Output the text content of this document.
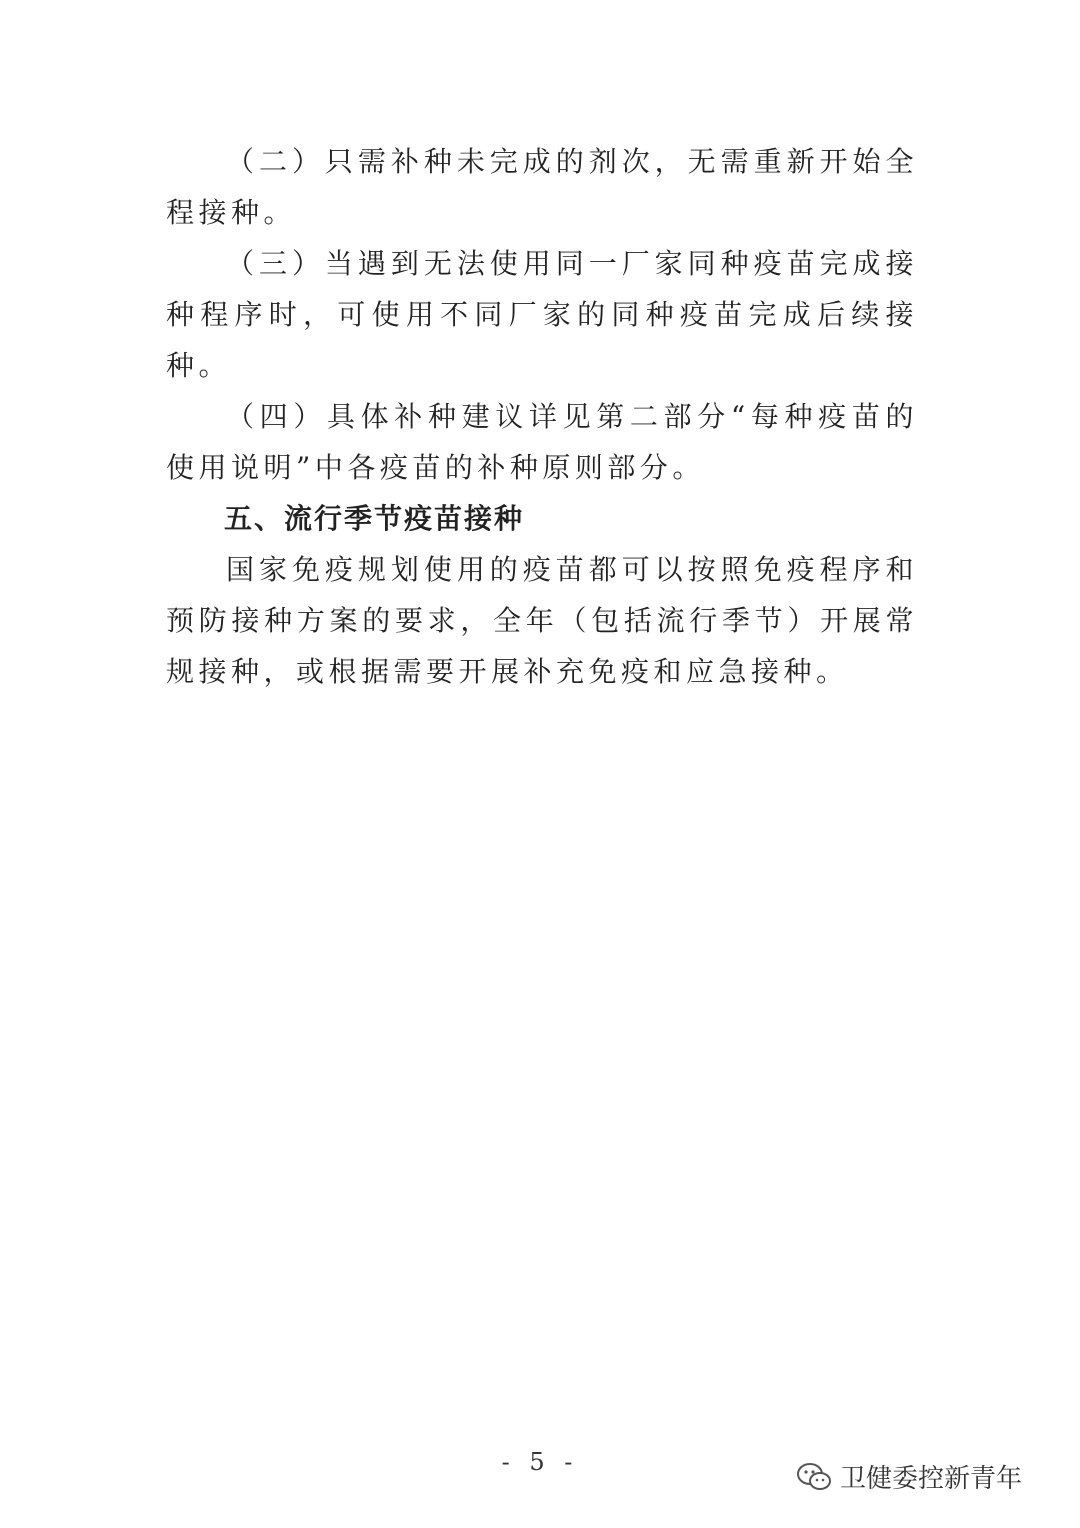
（二）只需补种未完成的剂次，无需重新开始全程接种。

（三）当遇到无法使用同一厂家同种疫苗完成接种程序时，可使用不同厂家的同种疫苗完成后续接种。

（四）具体补种建议详见第二部分“每种疫苗的使用说明”中各疫苗的补种原则部分。

五、流行季节疫苗接种

国家免疫规划使用的疫苗都可以按照免疫程序和预防接种方案的要求，全年（包括流行季节）开展常规接种，或根据需要开展补充免疫和应急接种。

- 5 -
卫健委控新青年
